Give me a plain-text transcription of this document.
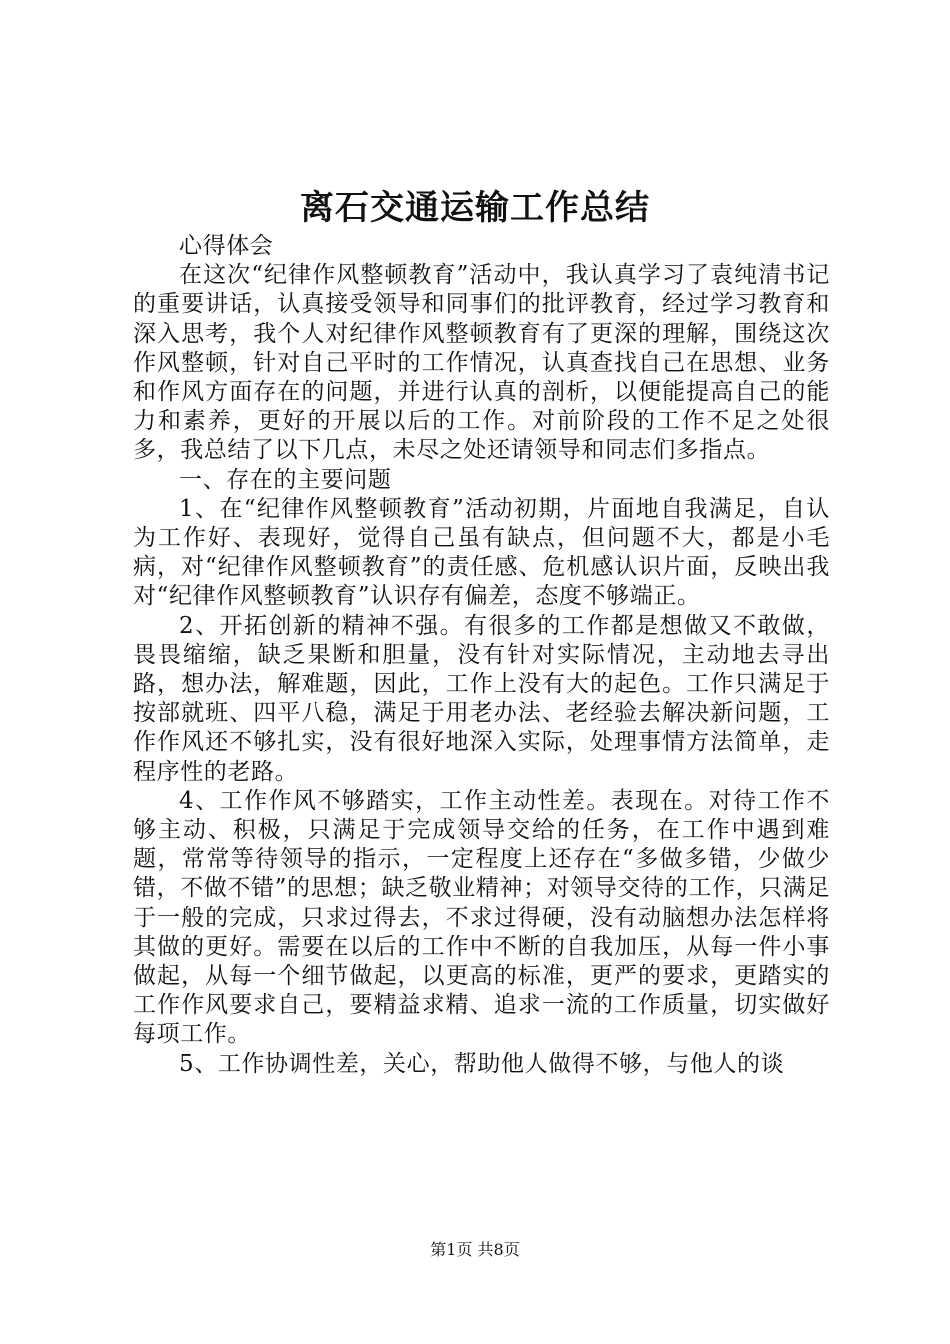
离石交通运输工作总结

心得体会

在这次“纪律作风整顿教育”活动中，我认真学习了袁纯清书记的重要讲话，认真接受领导和同事们的批评教育，经过学习教育和深入思考，我个人对纪律作风整顿教育有了更深的理解，围绕这次作风整顿，针对自己平时的工作情况，认真查找自己在思想、业务和作风方面存在的问题，并进行认真的剖析，以便能提高自己的能力和素养，更好的开展以后的工作。对前阶段的工作不足之处很多，我总结了以下几点，未尽之处还请领导和同志们多指点。

一、存在的主要问题

1、在“纪律作风整顿教育”活动初期，片面地自我满足，自认为工作好、表现好，觉得自己虽有缺点，但问题不大，都是小毛病，对“纪律作风整顿教育”的责任感、危机感认识片面，反映出我对“纪律作风整顿教育”认识存有偏差，态度不够端正。

2、开拓创新的精神不强。有很多的工作都是想做又不敢做，畏畏缩缩，缺乏果断和胆量，没有针对实际情况，主动地去寻出路，想办法，解难题，因此，工作上没有大的起色。工作只满足于按部就班、四平八稳，满足于用老办法、老经验去解决新问题，工作作风还不够扎实，没有很好地深入实际，处理事情方法简单，走程序性的老路。

4、工作作风不够踏实，工作主动性差。表现在。对待工作不够主动、积极，只满足于完成领导交给的任务，在工作中遇到难题，常常等待领导的指示，一定程度上还存在“多做多错，少做少错，不做不错”的思想；缺乏敬业精神；对领导交待的工作，只满足于一般的完成，只求过得去，不求过得硬，没有动脑想办法怎样将其做的更好。需要在以后的工作中不断的自我加压，从每一件小事做起，从每一个细节做起，以更高的标准，更严的要求，更踏实的工作作风要求自己，要精益求精、追求一流的工作质量，切实做好每项工作。

5、工作协调性差，关心，帮助他人做得不够，与他人的谈

第1页 共8页
